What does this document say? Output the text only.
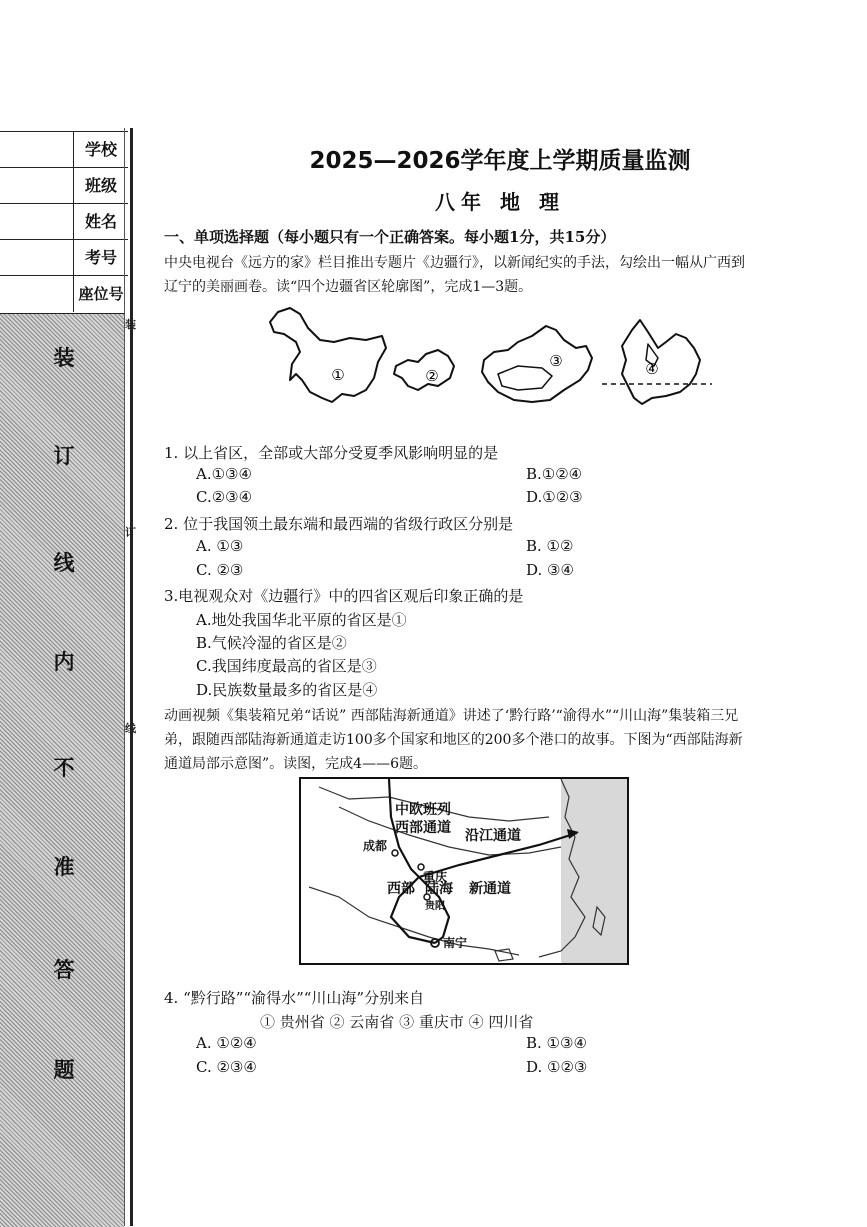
学校
班级
姓名
考号
座位号
装
订
线
内
不
准
答
题
装
订
线
2025—2026学年度上学期质量监测
八年 地 理
一、单项选择题（每小题只有一个正确答案。每小题1分，共15分）
中央电视台《远方的家》栏目推出专题片《边疆行》，以新闻纪实的手法，勾绘出一幅从广西到
辽宁的美丽画卷。读“四个边疆省区轮廓图”，完成1—3题。
①	②
③	④
1. 以上省区，全部或大部分受夏季风影响明显的是
A.①③④	B.①②④
C.②③④	D.①②③
2. 位于我国领土最东端和最西端的省级行政区分别是
A. ①③	B. ①②
C. ②③	D. ③④
3.电视观众对《边疆行》中的四省区观后印象正确的是
A.地处我国华北平原的省区是①
B.气候冷湿的省区是②
C.我国纬度最高的省区是③
D.民族数量最多的省区是④
动画视频《集装箱兄弟“话说” 西部陆海新通道》讲述了‘黔行路’“渝得水”“川山海”集装箱三兄
弟，跟随西部陆海新通道走访100多个国家和地区的200多个港口的故事。下图为“西部陆海新
通道局部示意图”。读图，完成4——6题。
中欧班列
西部通道 沿江通道
成都
重庆
贵阳
西部 陆海 新通道
南宁
4. “黔行路”“渝得水”“川山海”分别来自
① 贵州省 ② 云南省 ③ 重庆市 ④ 四川省
A. ①②④	B. ①③④
C. ②③④	D. ①②③
